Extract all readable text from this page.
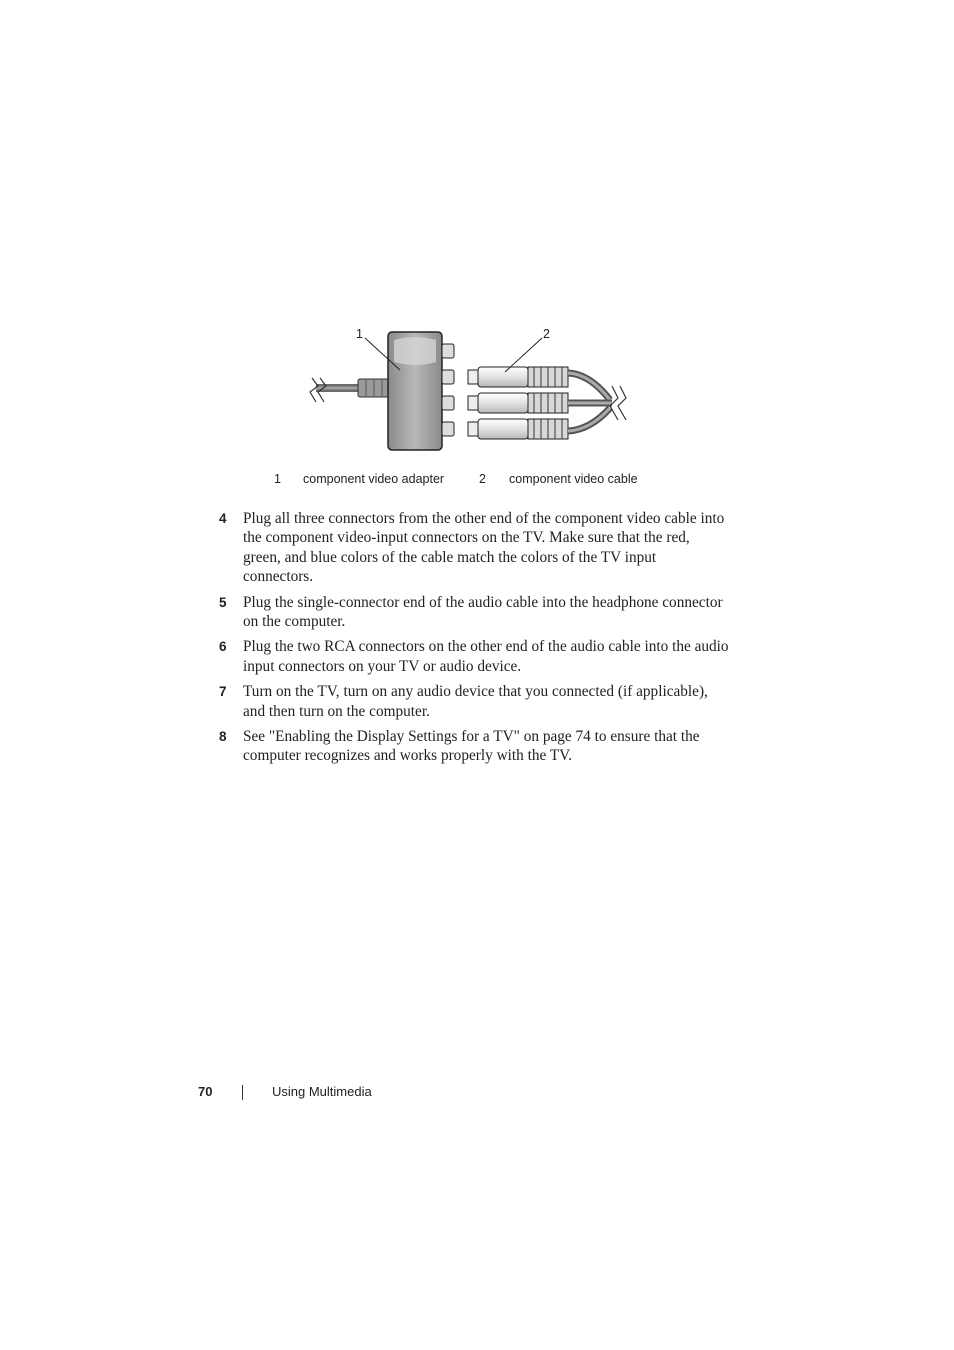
1	2
1 component video adapter	2 component video cable
4 Plug all three connectors from the other end of the component video cable into the component video-input connectors on the TV. Make sure that the red, green, and blue colors of the cable match the colors of the TV input connectors.
5 Plug the single-connector end of the audio cable into the headphone connector on the computer.
6 Plug the two RCA connectors on the other end of the audio cable into the audio input connectors on your TV or audio device.
7 Turn on the TV, turn on any audio device that you connected (if applicable), and then turn on the computer.
8 See "Enabling the Display Settings for a TV" on page 74 to ensure that the computer recognizes and works properly with the TV.
70	Using Multimedia
